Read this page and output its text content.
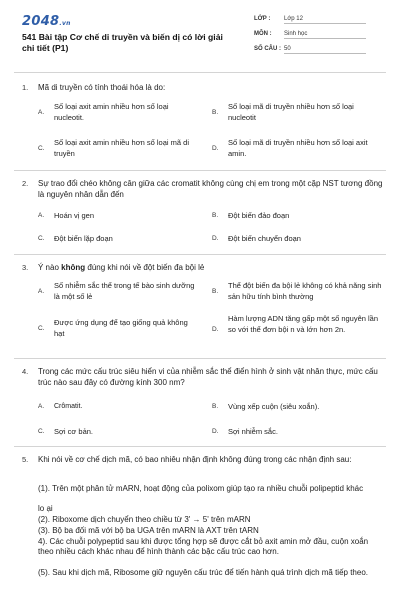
2048.vn
541 Bài tập Cơ chế di truyền và biến dị có lời giải chi tiết (P1)
LỚP : Lớp 12
MÔN : Sinh học
SỐ CÂU : 50
1. Mã di truyền có tính thoái hóa là do:
A.
Số loại axit amin nhiều hơn số loại nucleotit.	B.
Số loại mã di truyền nhiều hơn số loại nucleotit
C.
Số loại axit amin nhiều hơn số loại mã di truyền	D.
Số loại mã di truyền nhiều hơn số loại axit amin.
2. Sự trao đổi chéo không cân giữa các cromatit không cùng chị em trong một cặp NST tương đồng là nguyên nhân dẫn đến
A. Hoán vị gen	B. Đột biến đảo đoạn
C. Đột biến lặp đoạn	D. Đột biến chuyển đoạn
3. Ý nào không đúng khi nói về đột biến đa bội lẻ
A.
Số nhiễm sắc thể trong tế bào sinh dưỡng là một số lẻ	B.
Thể đột biến đa bội lẻ không có khả năng sinh sản hữu tính bình thường
C.
Được ứng dụng để tạo giống quả không hạt	D.
Hàm lượng ADN tăng gấp một số nguyên lần so với thể đơn bội n và lớn hơn 2n.
4. Trong các mức cấu trúc siêu hiển vi của nhiễm sắc thể điển hình ở sinh vật nhân thực, mức cấu trúc nào sau đây có đường kính 300 nm?
A. Crômatit.	B. Vùng xếp cuộn (siêu xoắn).
C. Sợi cơ bản.	D. Sợi nhiễm sắc.
5. Khi nói về cơ chế dịch mã, có bao nhiêu nhận định không đúng trong các nhận định sau:
(1). Trên một phân tử mARN, hoạt động của polixom giúp tạo ra nhiều chuỗi polipeptid khác
lo ại
(2). Riboxome dịch chuyển theo chiều từ 3' → 5' trên mARN
(3). Bộ ba đối mã với bộ ba UGA trên mARN là AXT trên tARN
4). Các chuỗi polypeptid sau khi được tổng hợp sẽ được cắt bỏ axit amin mở đầu, cuộn xoắn theo nhiều cách khác nhau để hình thành các bậc cấu trúc cao hơn.
(5). Sau khi dịch mã, Ribosome giữ nguyên cấu trúc để tiến hành quá trình dịch mã tiếp theo.
